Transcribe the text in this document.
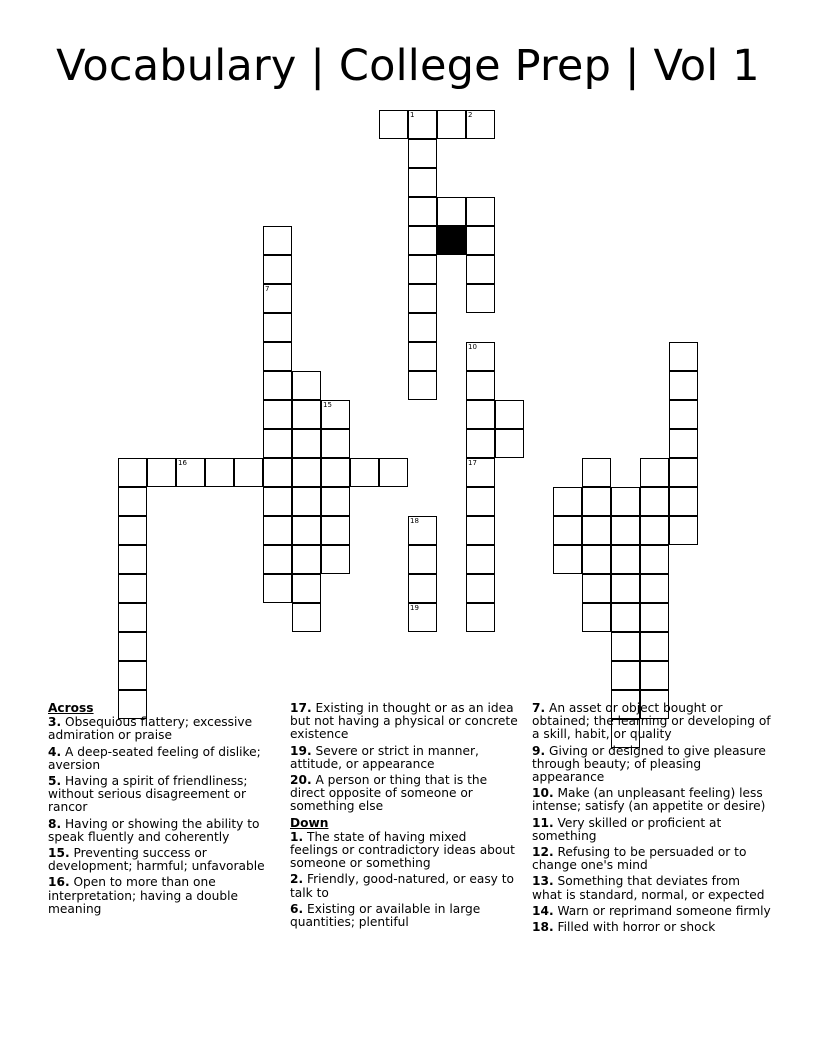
Vocabulary | College Prep | Vol 1
1	2
18
19
10
17
7
16
15
Across
3. Obsequious flattery; excessive admiration or praise
4. A deep-seated feeling of dislike; aversion
5. Having a spirit of friendliness; without serious disagreement or rancor
8. Having or showing the ability to speak fluently and coherently
15. Preventing success or development; harmful; unfavorable
16. Open to more than one interpretation; having a double meaning
17. Existing in thought or as an idea but not having a physical or concrete existence
19. Severe or strict in manner, attitude, or appearance
20. A person or thing that is the direct opposite of someone or something else
Down
1. The state of having mixed feelings or contradictory ideas about someone or something
2. Friendly, good-natured, or easy to talk to
6. Existing or available in large quantities; plentiful
7. An asset or object bought or obtained; the learning or developing of a skill, habit, or quality
9. Giving or designed to give pleasure through beauty; of pleasing appearance
10. Make (an unpleasant feeling) less intense; satisfy (an appetite or desire)
11. Very skilled or proficient at something
12. Refusing to be persuaded or to change one's mind
13. Something that deviates from what is standard, normal, or expected
14. Warn or reprimand someone firmly
18. Filled with horror or shock
